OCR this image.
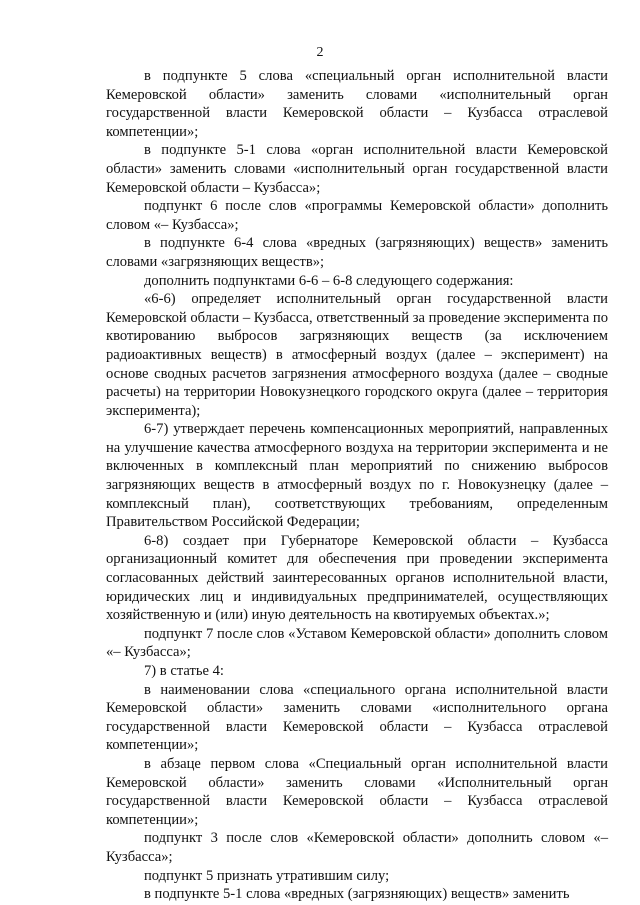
2

в подпункте 5 слова «специальный орган исполнительной власти Кемеровской области» заменить словами «исполнительный орган государственной власти Кемеровской области – Кузбасса отраслевой компетенции»;

в подпункте 5-1 слова «орган исполнительной власти Кемеровской области» заменить словами «исполнительный орган государственной власти Кемеровской области – Кузбасса»;

подпункт 6 после слов «программы Кемеровской области» дополнить словом «– Кузбасса»;

в подпункте 6-4 слова «вредных (загрязняющих) веществ» заменить словами «загрязняющих веществ»;

дополнить подпунктами 6-6 – 6-8 следующего содержания:

«6-6) определяет исполнительный орган государственной власти Кемеровской области – Кузбасса, ответственный за проведение эксперимента по квотированию выбросов загрязняющих веществ (за исключением радиоактивных веществ) в атмосферный воздух (далее – эксперимент) на основе сводных расчетов загрязнения атмосферного воздуха (далее – сводные расчеты) на территории Новокузнецкого городского округа (далее – территория эксперимента);

6-7) утверждает перечень компенсационных мероприятий, направленных на улучшение качества атмосферного воздуха на территории эксперимента и не включенных в комплексный план мероприятий по снижению выбросов загрязняющих веществ в атмосферный воздух по г. Новокузнецку (далее – комплексный план), соответствующих требованиям, определенным Правительством Российской Федерации;

6-8) создает при Губернаторе Кемеровской области – Кузбасса организационный комитет для обеспечения при проведении эксперимента согласованных действий заинтересованных органов исполнительной власти, юридических лиц и индивидуальных предпринимателей, осуществляющих хозяйственную и (или) иную деятельность на квотируемых объектах.»;

подпункт 7 после слов «Уставом Кемеровской области» дополнить словом «– Кузбасса»;

7) в статье 4:

в наименовании слова «специального органа исполнительной власти Кемеровской области» заменить словами «исполнительного органа государственной власти Кемеровской области – Кузбасса отраслевой компетенции»;

в абзаце первом слова «Специальный орган исполнительной власти Кемеровской области» заменить словами «Исполнительный орган государственной власти Кемеровской области – Кузбасса отраслевой компетенции»;

подпункт 3 после слов «Кемеровской области» дополнить словом «– Кузбасса»;

подпункт 5 признать утратившим силу;

в подпункте 5-1 слова «вредных (загрязняющих) веществ» заменить
